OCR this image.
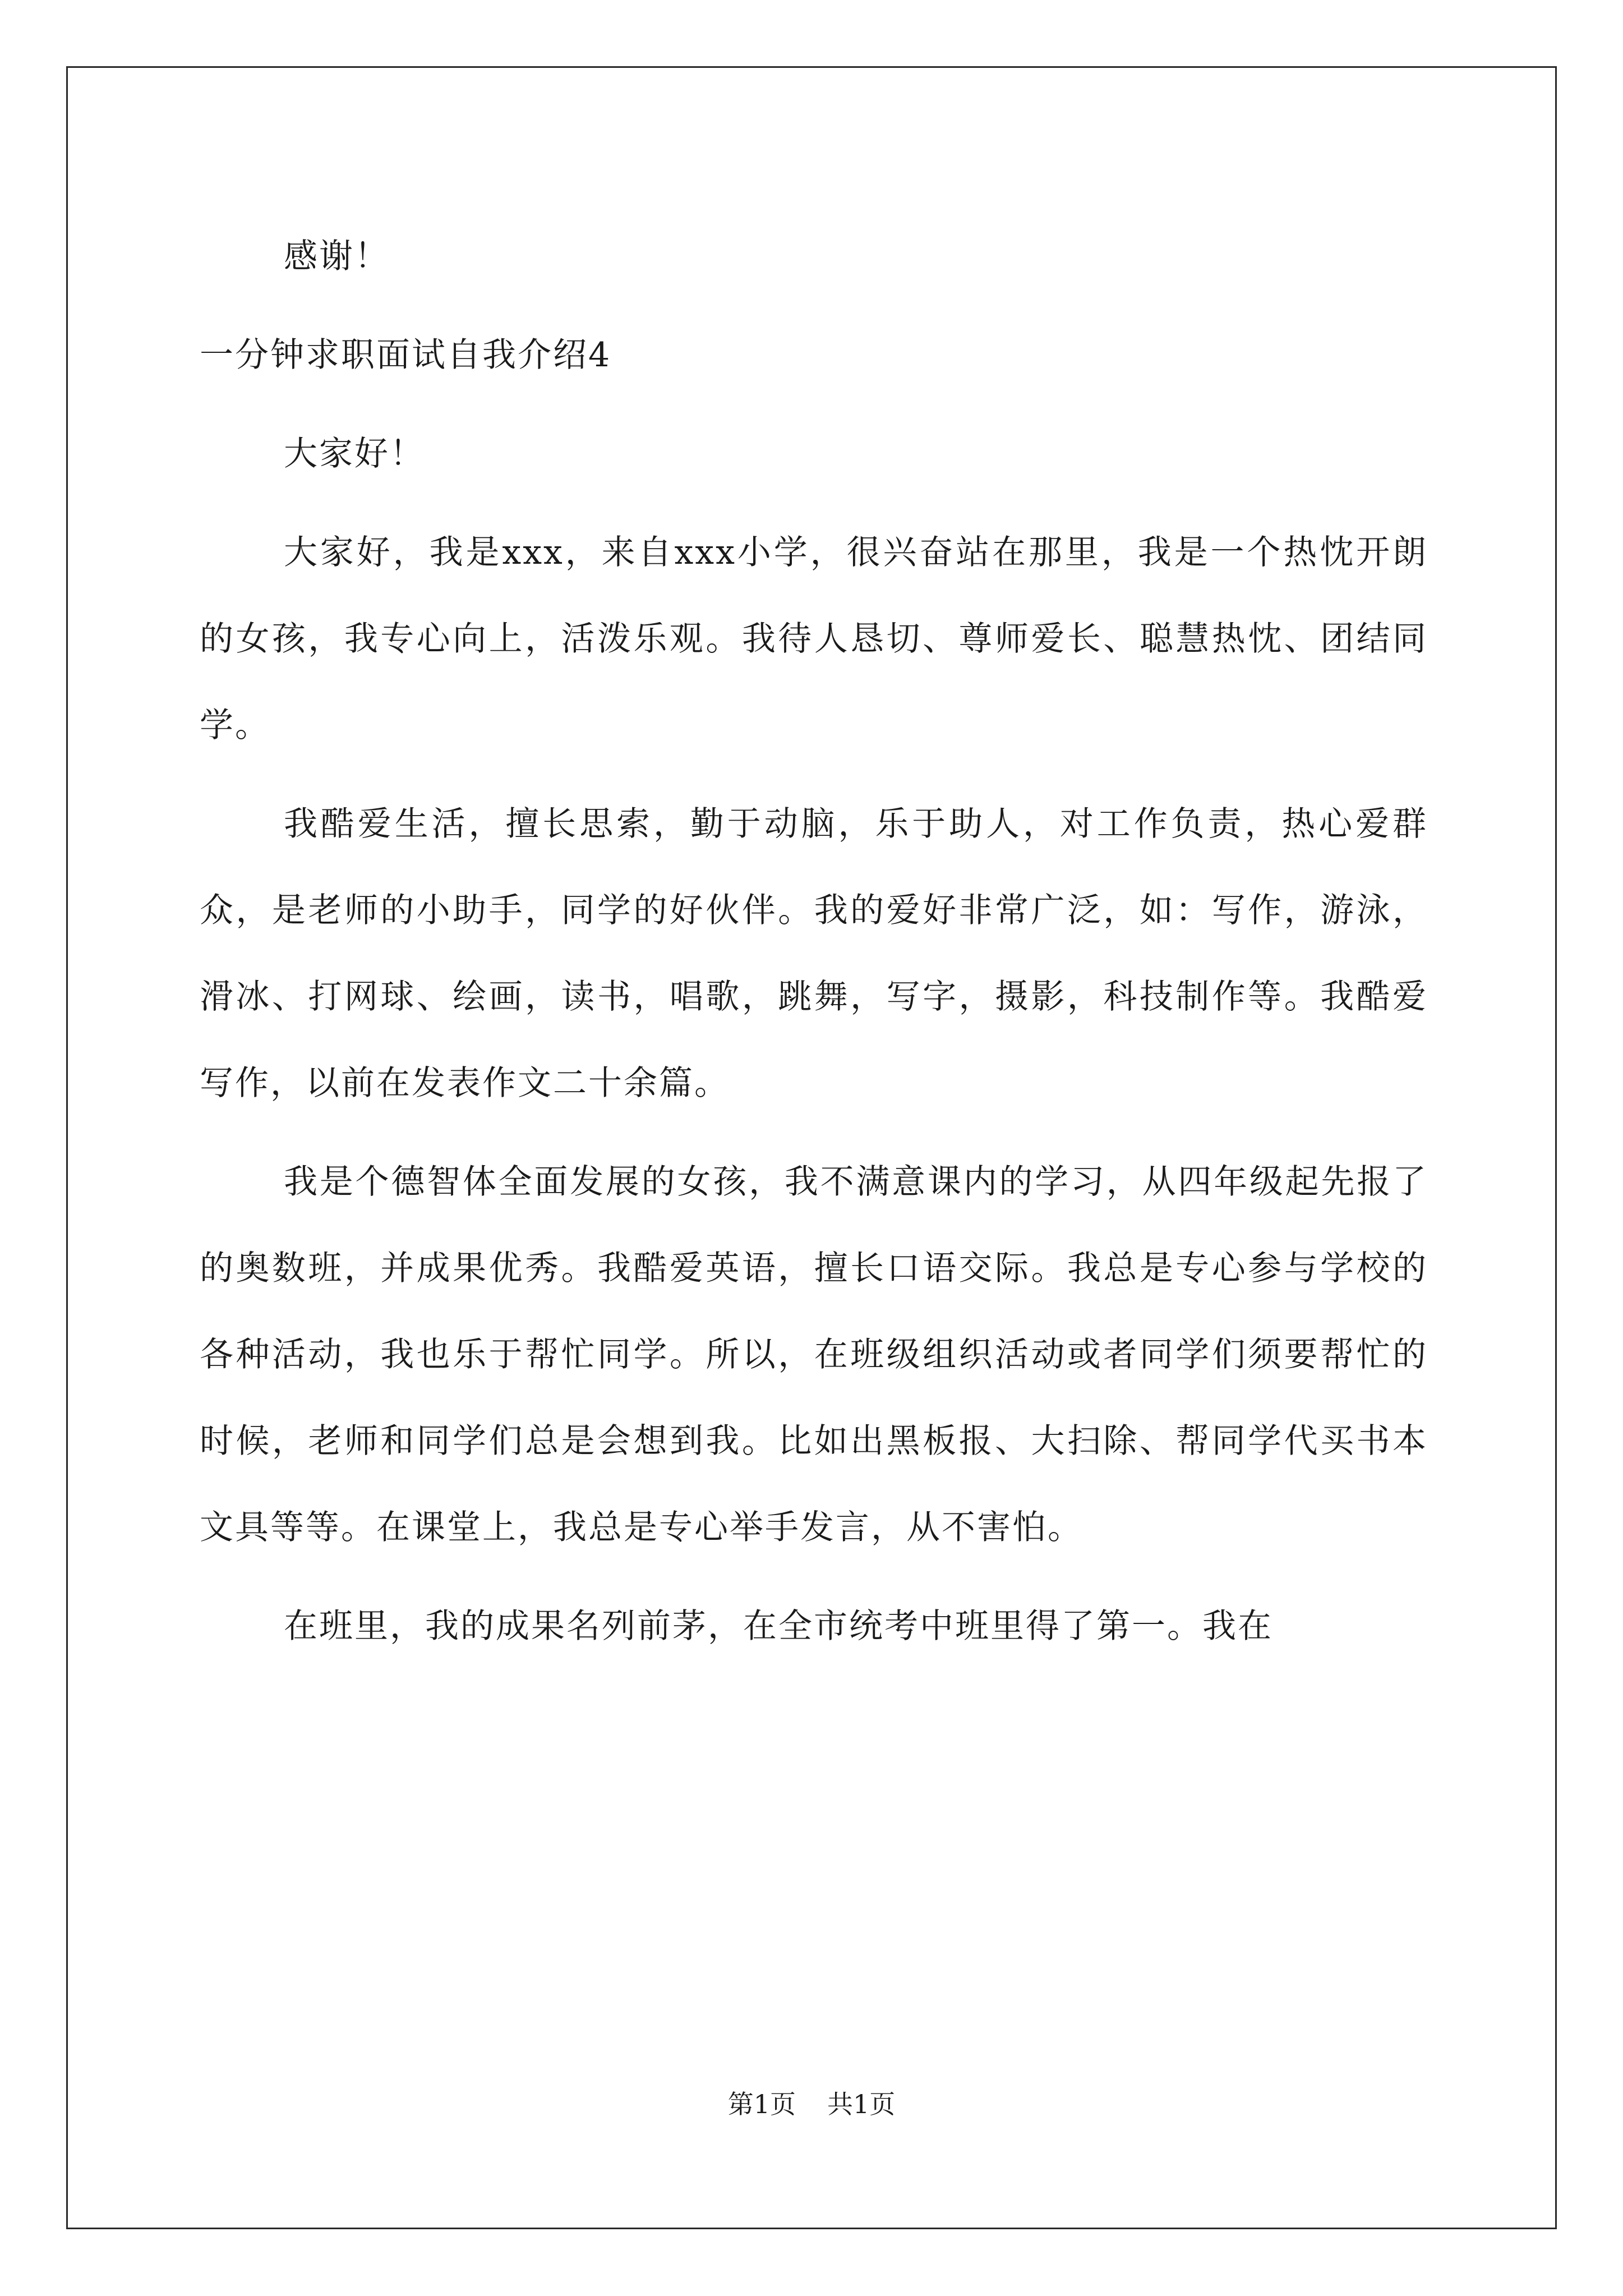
感谢！

一分钟求职面试自我介绍4

大家好！

大家好，我是xxx，来自xxx小学，很兴奋站在那里，我是一个热忱开朗的女孩，我专心向上，活泼乐观。我待人恳切、尊师爱长、聪慧热忱、团结同学。

我酷爱生活，擅长思索，勤于动脑，乐于助人，对工作负责，热心爱群众，是老师的小助手，同学的好伙伴。我的爱好非常广泛，如：写作，游泳，滑冰、打网球、绘画，读书，唱歌，跳舞，写字，摄影，科技制作等。我酷爱写作，以前在发表作文二十余篇。

我是个德智体全面发展的女孩，我不满意课内的学习，从四年级起先报了的奥数班，并成果优秀。我酷爱英语，擅长口语交际。我总是专心参与学校的各种活动，我也乐于帮忙同学。所以，在班级组织活动或者同学们须要帮忙的时候，老师和同学们总是会想到我。比如出黑板报、大扫除、帮同学代买书本文具等等。在课堂上，我总是专心举手发言，从不害怕。

在班里，我的成果名列前茅，在全市统考中班里得了第一。我在

第1页 共1页
